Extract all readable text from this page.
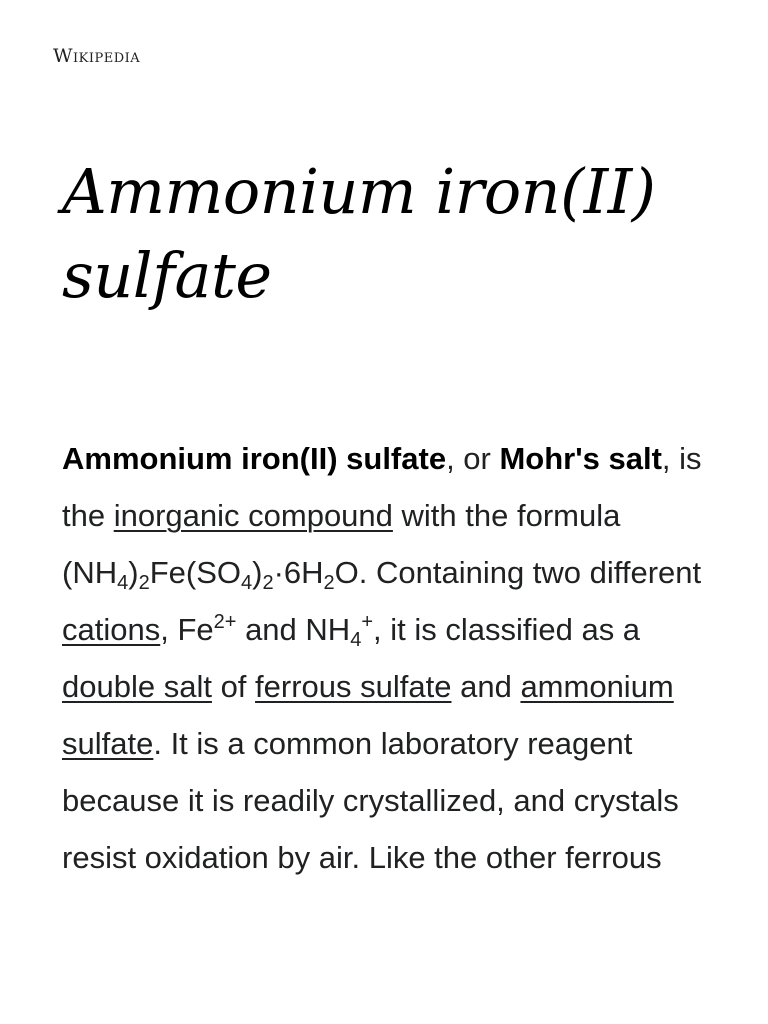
Wikipedia
Ammonium iron(II)
sulfate

Ammonium iron(II) sulfate, or Mohr's salt, is the inorganic compound with the formula $(NH_4)_2Fe(SO_4)_2\cdot 6H_2O$. Containing two different cations, $Fe^{2+}$ and $NH_4^+$, it is classified as a double salt of ferrous sulfate and ammonium sulfate. It is a common laboratory reagent because it is readily crystallized, and crystals resist oxidation by air. Like the other ferrous
